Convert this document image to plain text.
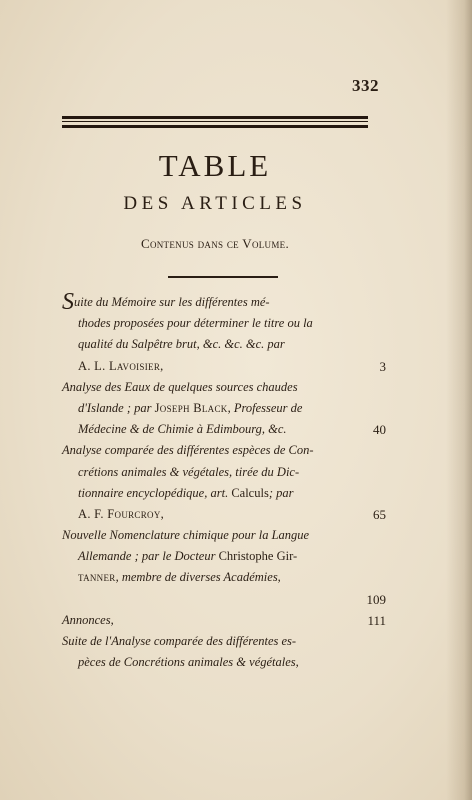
332
TABLE
DES ARTICLES
Contenus dans ce Volume.
Suite du Mémoire sur les différentes mé-
thodes proposées pour déterminer le titre ou la
qualité du Salpêtre brut, &c. &c. &c. par
A. L. Lavoisier,	3
Analyse des Eaux de quelques sources chaudes
d'Islande ; par Joseph Black, Professeur de
Médecine & de Chimie à Edimbourg, &c.	40
Analyse comparée des différentes espèces de Con-
crétions animales & végétales, tirée du Dic-
tionnaire encyclopédique, art. Calculs; par
A. F. Fourcroy,	65
Nouvelle Nomenclature chimique pour la Langue
Allemande ; par le Docteur Christophe Gir-
tanner, membre de diverses Académies,
109
Annonces,	111
Suite de l'Analyse comparée des différentes es-
pèces de Concrétions animales & végétales,
